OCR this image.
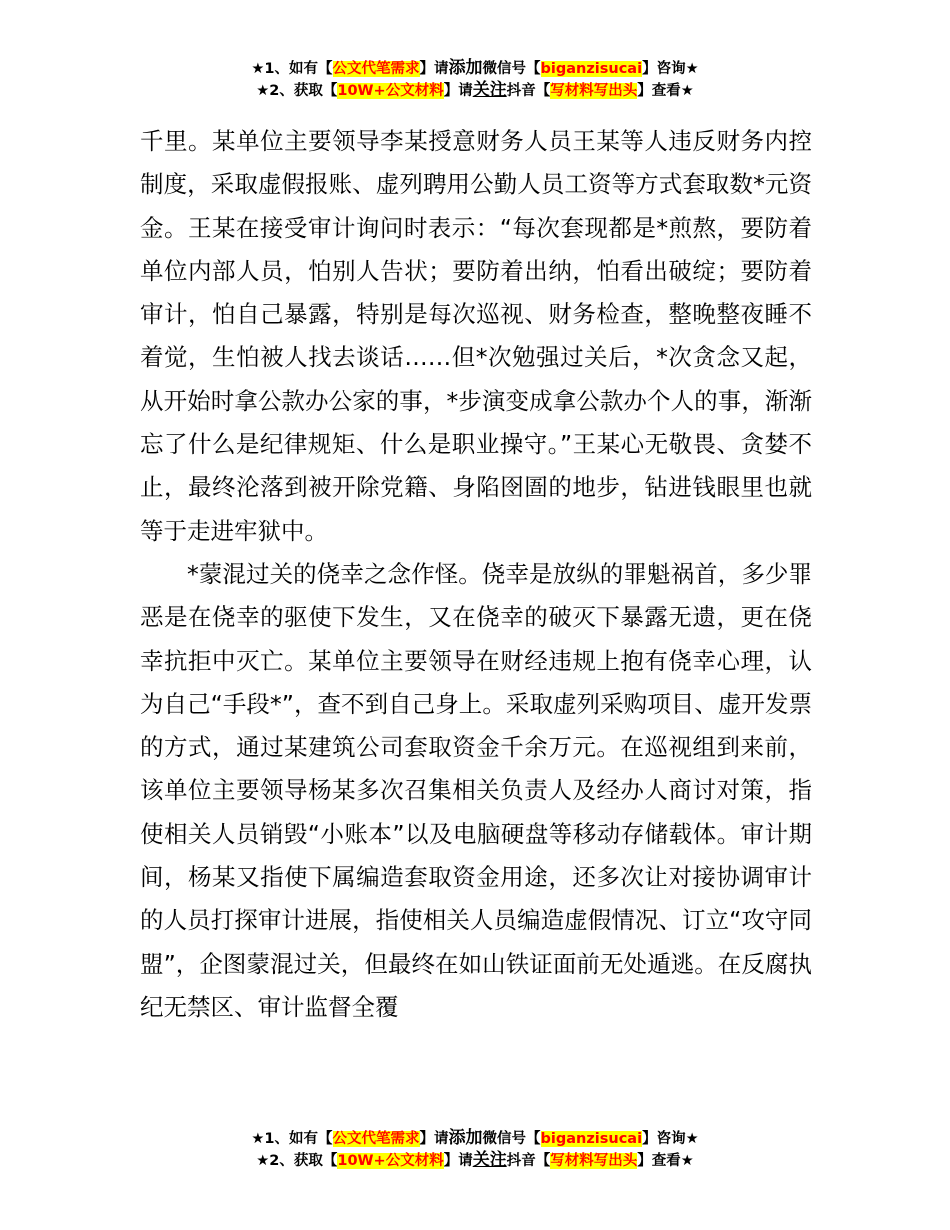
★1、如有【公文代笔需求】请添加微信号【biganzisucai】咨询★
★2、获取【10W+公文材料】请关注抖音【写材料写出头】查看★

千里。某单位主要领导李某授意财务人员王某等人违反财务内控制度，采取虚假报账、虚列聘用公勤人员工资等方式套取数*元资金。王某在接受审计询问时表示：“每次套现都是*煎熬，要防着单位内部人员，怕别人告状；要防着出纳，怕看出破绽；要防着审计，怕自己暴露，特别是每次巡视、财务检查，整晚整夜睡不着觉，生怕被人找去谈话……但*次勉强过关后，*次贪念又起，从开始时拿公款办公家的事，*步演变成拿公款办个人的事，渐渐忘了什么是纪律规矩、什么是职业操守。”王某心无敬畏、贪婪不止，最终沦落到被开除党籍、身陷囹圄的地步，钻进钱眼里也就等于走进牢狱中。

*蒙混过关的侥幸之念作怪。侥幸是放纵的罪魁祸首，多少罪恶是在侥幸的驱使下发生，又在侥幸的破灭下暴露无遗，更在侥幸抗拒中灭亡。某单位主要领导在财经违规上抱有侥幸心理，认为自己“手段*”，查不到自己身上。采取虚列采购项目、虚开发票的方式，通过某建筑公司套取资金千余万元。在巡视组到来前，该单位主要领导杨某多次召集相关负责人及经办人商讨对策，指使相关人员销毁“小账本”以及电脑硬盘等移动存储载体。审计期间，杨某又指使下属编造套取资金用途，还多次让对接协调审计的人员打探审计进展，指使相关人员编造虚假情况、订立“攻守同盟”，企图蒙混过关，但最终在如山铁证面前无处遁逃。在反腐执纪无禁区、审计监督全覆

★1、如有【公文代笔需求】请添加微信号【biganzisucai】咨询★
★2、获取【10W+公文材料】请关注抖音【写材料写出头】查看★
